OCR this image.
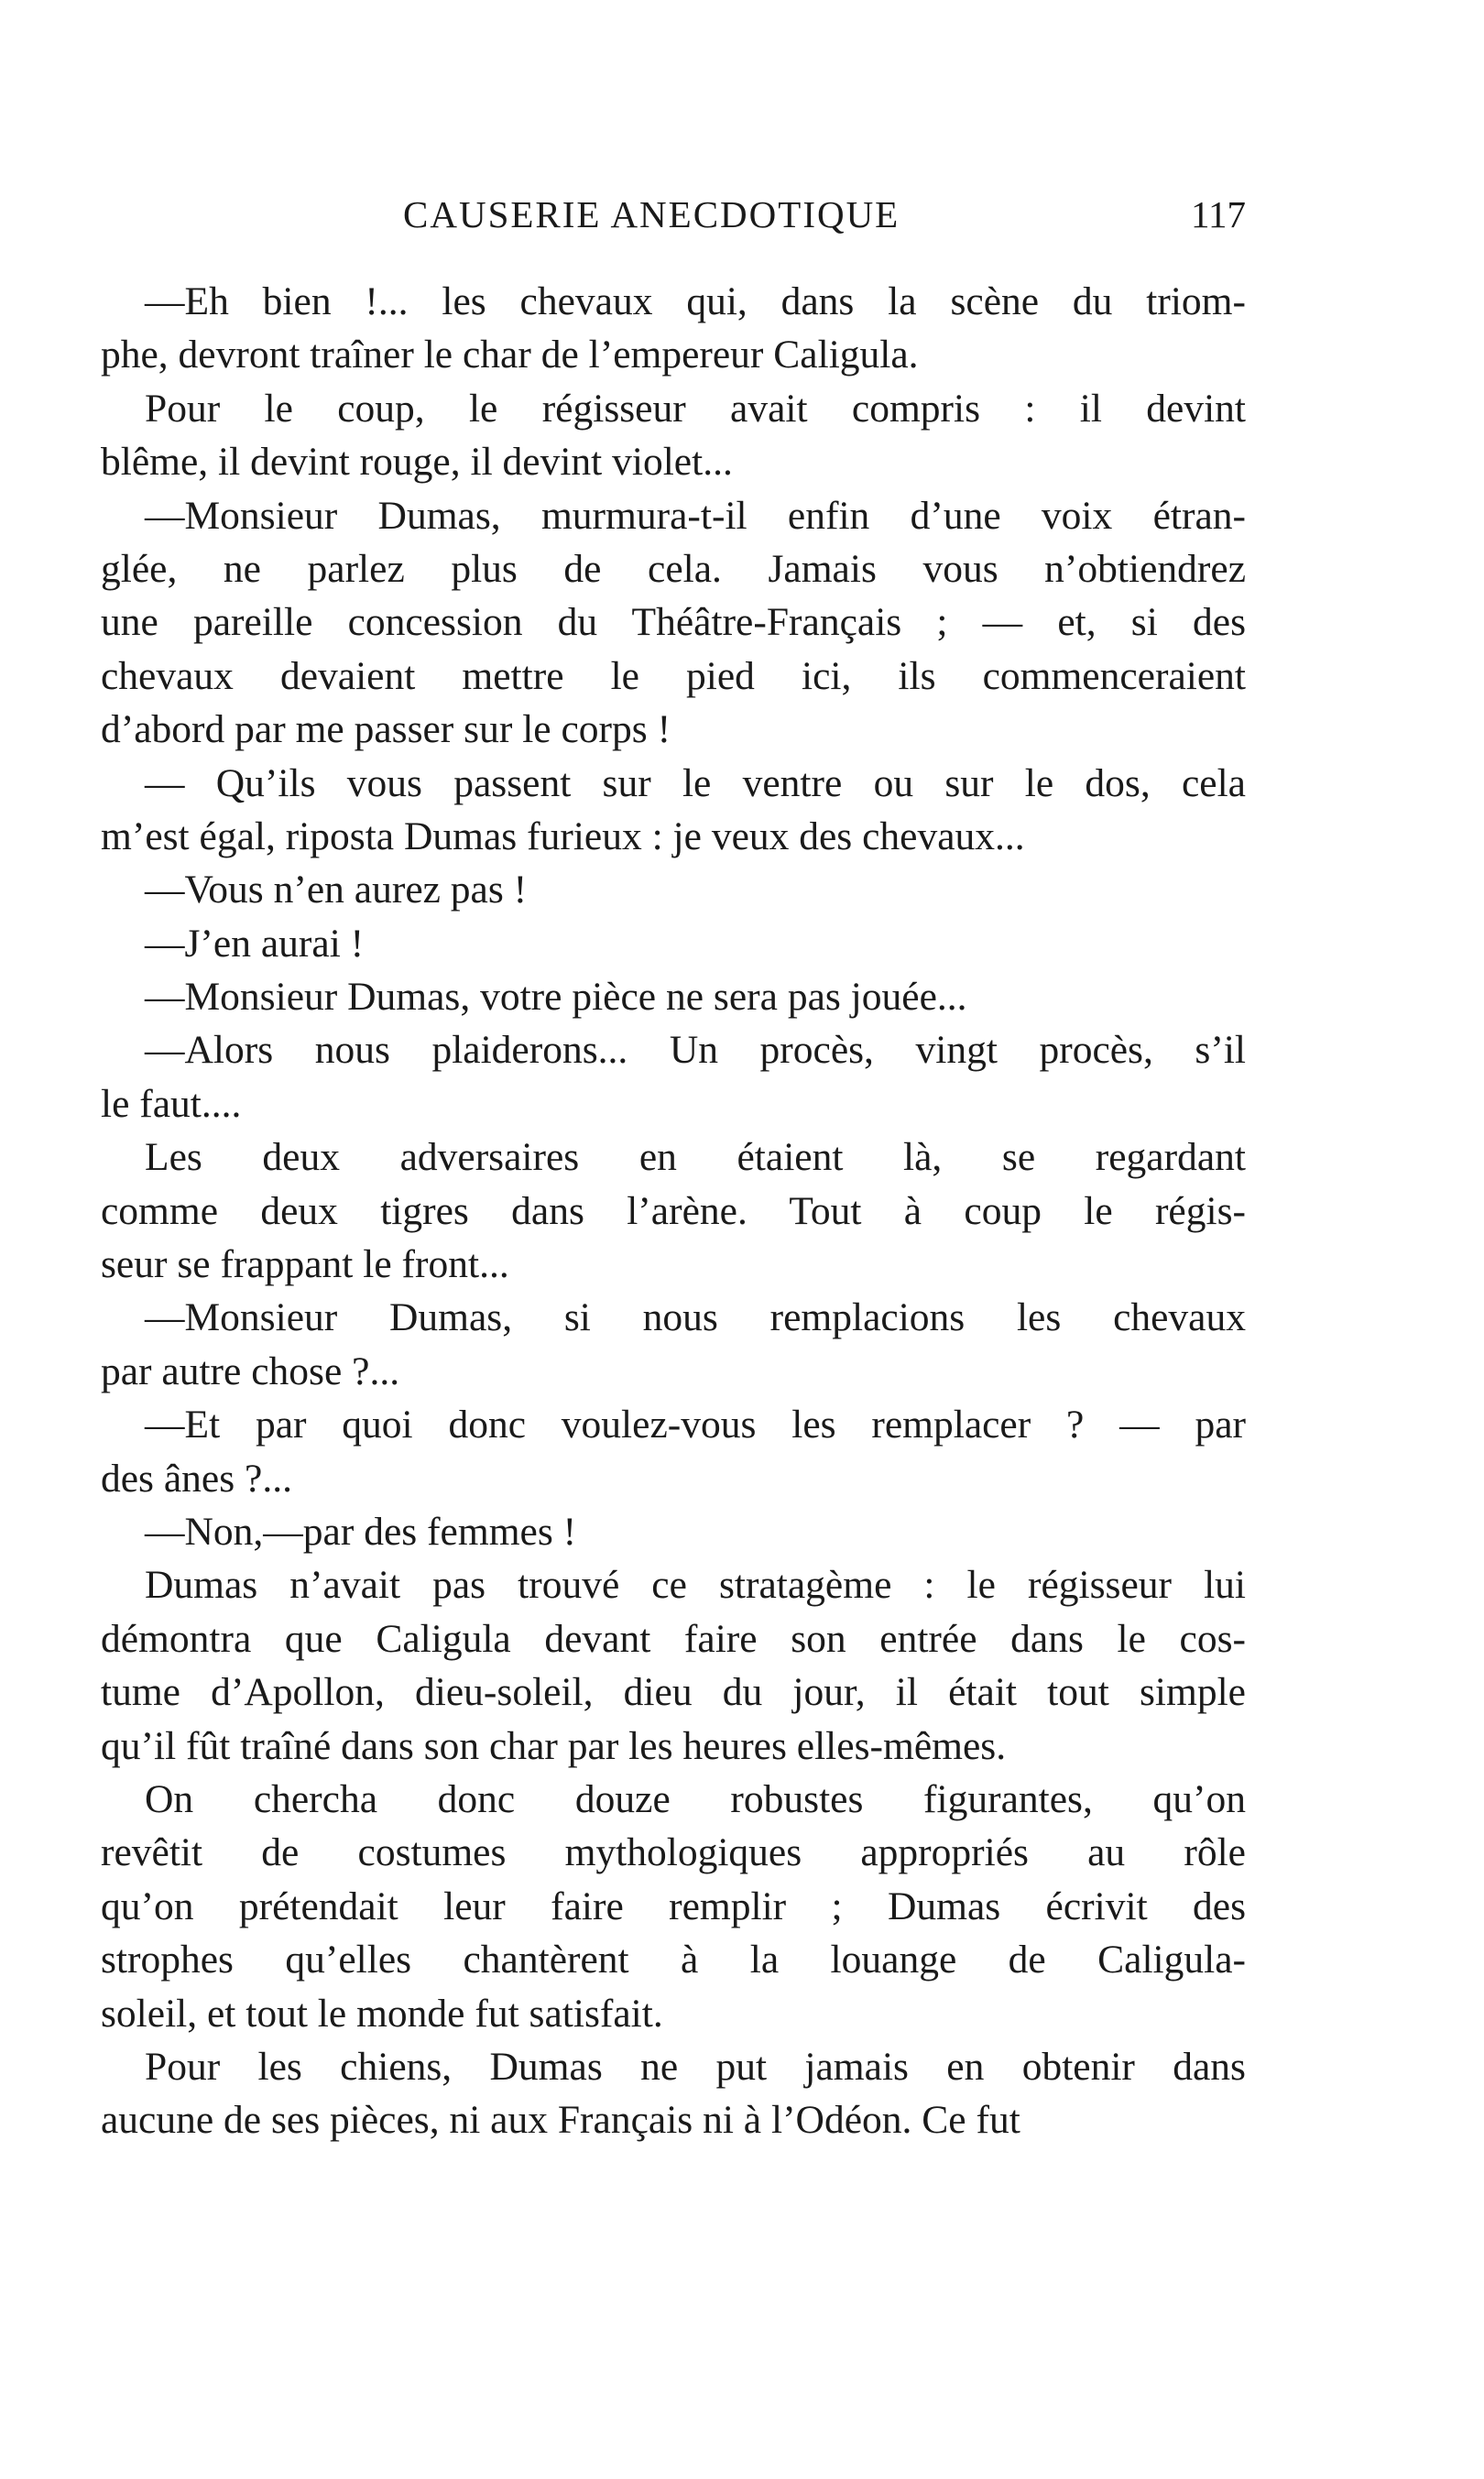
CAUSERIE ANECDOTIQUE	117
—Eh bien !... les chevaux qui, dans la scène du triom-
phe, devront traîner le char de l’empereur Caligula.
Pour le coup, le régisseur avait compris : il devint
blême, il devint rouge, il devint violet...
—Monsieur Dumas, murmura-t-il enfin d’une voix étran-
glée, ne parlez plus de cela. Jamais vous n’obtiendrez
une pareille concession du Théâtre-Français ; — et, si des
chevaux devaient mettre le pied ici, ils commenceraient
d’abord par me passer sur le corps !
— Qu’ils vous passent sur le ventre ou sur le dos, cela
m’est égal, riposta Dumas furieux : je veux des chevaux...
—Vous n’en aurez pas !
—J’en aurai !
—Monsieur Dumas, votre pièce ne sera pas jouée...
—Alors nous plaiderons... Un procès, vingt procès, s’il
le faut....
Les deux adversaires en étaient là, se regardant
comme deux tigres dans l’arène. Tout à coup le régis-
seur se frappant le front...
—Monsieur Dumas, si nous remplacions les chevaux
par autre chose ?...
—Et par quoi donc voulez-vous les remplacer ? — par
des ânes ?...
—Non,—par des femmes !
Dumas n’avait pas trouvé ce stratagème : le régisseur lui
démontra que Caligula devant faire son entrée dans le cos-
tume d’Apollon, dieu-soleil, dieu du jour, il était tout simple
qu’il fût traîné dans son char par les heures elles-mêmes.
On chercha donc douze robustes figurantes, qu’on
revêtit de costumes mythologiques appropriés au rôle
qu’on prétendait leur faire remplir ; Dumas écrivit des
strophes qu’elles chantèrent à la louange de Caligula-
soleil, et tout le monde fut satisfait.
Pour les chiens, Dumas ne put jamais en obtenir dans
aucune de ses pièces, ni aux Français ni à l’Odéon. Ce fut
